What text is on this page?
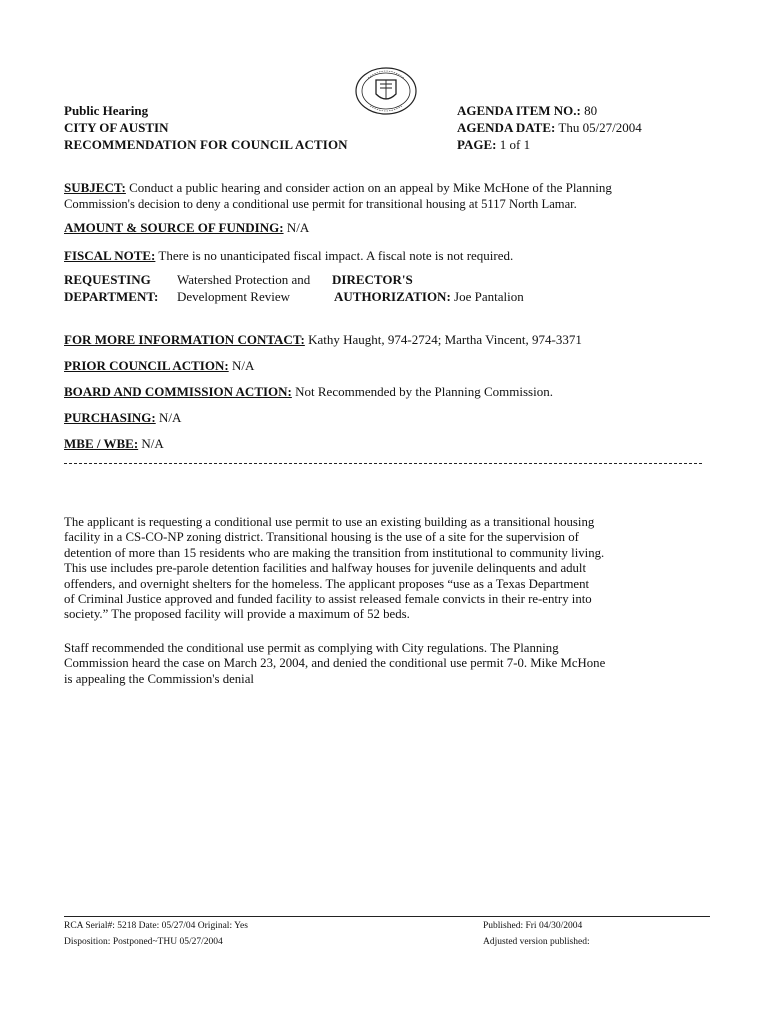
Public Hearing
CITY OF AUSTIN
RECOMMENDATION FOR COUNCIL ACTION
AGENDA ITEM NO.: 80
AGENDA DATE: Thu 05/27/2004
PAGE: 1 of 1
SUBJECT: Conduct a public hearing and consider action on an appeal by Mike McHone of the Planning
Commission's decision to deny a conditional use permit for transitional housing at 5117 North Lamar.
AMOUNT & SOURCE OF FUNDING: N/A
FISCAL NOTE: There is no unanticipated fiscal impact. A fiscal note is not required.
REQUESTING
DEPARTMENT:
Watershed Protection and
Development Review
DIRECTOR'S
AUTHORIZATION: Joe Pantalion
FOR MORE INFORMATION CONTACT: Kathy Haught, 974-2724; Martha Vincent, 974-3371
PRIOR COUNCIL ACTION: N/A
BOARD AND COMMISSION ACTION: Not Recommended by the Planning Commission.
PURCHASING: N/A
MBE / WBE: N/A
The applicant is requesting a conditional use permit to use an existing building as a transitional housing
facility in a CS-CO-NP zoning district. Transitional housing is the use of a site for the supervision of
detention of more than 15 residents who are making the transition from institutional to community living.
This use includes pre-parole detention facilities and halfway houses for juvenile delinquents and adult
offenders, and overnight shelters for the homeless. The applicant proposes “use as a Texas Department
of Criminal Justice approved and funded facility to assist released female convicts in their re-entry into
society.” The proposed facility will provide a maximum of 52 beds.
Staff recommended the conditional use permit as complying with City regulations. The Planning
Commission heard the case on March 23, 2004, and denied the conditional use permit 7-0. Mike McHone
is appealing the Commission's denial
RCA Serial#: 5218 Date: 05/27/04 Original: Yes
Disposition: Postponed~THU 05/27/2004
Published: Fri 04/30/2004
Adjusted version published:
